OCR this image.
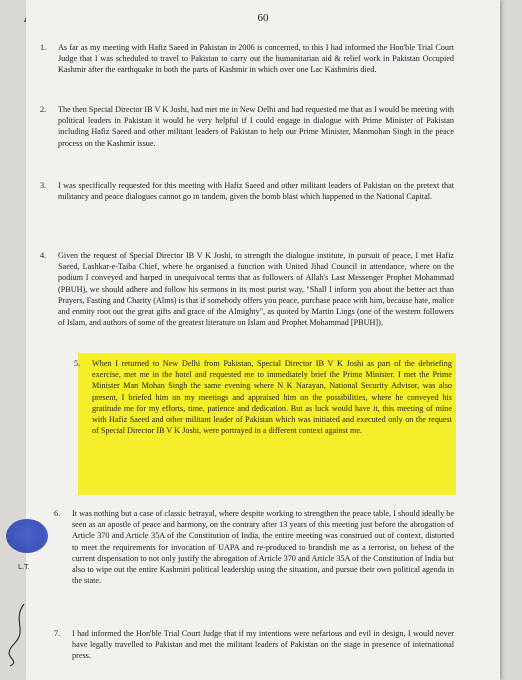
60
1. As far as my meeting with Hafiz Saeed in Pakistan in 2006 is concerned, to this I had informed the Hon'ble Trial Court Judge that I was scheduled to travel to Pakistan to carry out the humanitarian aid & relief work in Pakistan Occupied Kashmir after the earthquake in both the parts of Kashmir in which over one Lac Kashmiris died.
2. The then Special Director IB V K Joshi, had met me in New Delhi and had requested me that as I would be meeting with political leaders in Pakistan it would be very helpful if I could engage in dialogue with Prime Minister of Pakistan including Hafiz Saeed and other militant leaders of Pakistan to help our Prime Minister, Manmohan Singh in the peace process on the Kashmir issue.
3. I was specifically requested for this meeting with Hafiz Saeed and other militant leaders of Pakistan on the pretext that militancy and peace dialogues cannot go in tandem, given the bomb blast which happened in the National Capital.
4. Given the request of Special Director IB V K Joshi, to strength the dialogue institute, in pursuit of peace, I met Hafiz Saeed, Lashkar-e-Taiba Chief, where he organised a function with United Jihad Council in attendance, where on the podium I conveyed and harped in unequivocal terms that as followers of Allah's Last Messenger Prophet Mohammad (PBUH), we should adhere and follow his sermons in its most purist way, "Shall I inform you about the better act than Prayers, Fasting and Charity (Alms) is that if somebody offers you peace, purchase peace with him, because hate, malice and enmity root out the great gifts and grace of the Almighty", as quoted by Martin Lings (one of the western followers of Islam, and authors of some of the greatest literature on Islam and Prophet Mohammad [PBUH]).
5. When I returned to New Delhi from Pakistan, Special Director IB V K Joshi as part of the debriefing exercise, met me in the hotel and requested me to immediately brief the Prime Minister. I met the Prime Minister Man Mohan Singh the same evening where N K Narayan, National Security Advisor, was also present, I briefed him on my meetings and appraised him on the possibilities, where he conveyed his gratitude me for my efforts, time, patience and dedication. But as luck would have it, this meeting of mine with Hafiz Saeed and other militant leader of Pakistan which was initiated and executed only on the request of Special Director IB V K Joshi, were portrayed in a different context against me.
6. It was nothing but a case of classic betrayal, where despite working to strengthen the peace table, I should ideally be seen as an apostle of peace and harmony, on the contrary after 13 years of this meeting just before the abrogation of Article 370 and Article 35A of the Constitution of India, the entire meeting was construed out of context, distorted to meet the requirements for invocation of UAPA and re-produced to brandish me as a terrorist, on behest of the current dispensation to not only justify the abrogation of Article 370 and Article 35A of the Constitution of India but also to wipe out the entire Kashmiri political leadership using the situation, and pursue their own political agenda in the state.
7. I had informed the Hon'ble Trial Court Judge that if my intentions were nefarious and evil in design, I would never have legally travelled to Pakistan and met the militant leaders of Pakistan on the stage in presence of international press.
L.T.
